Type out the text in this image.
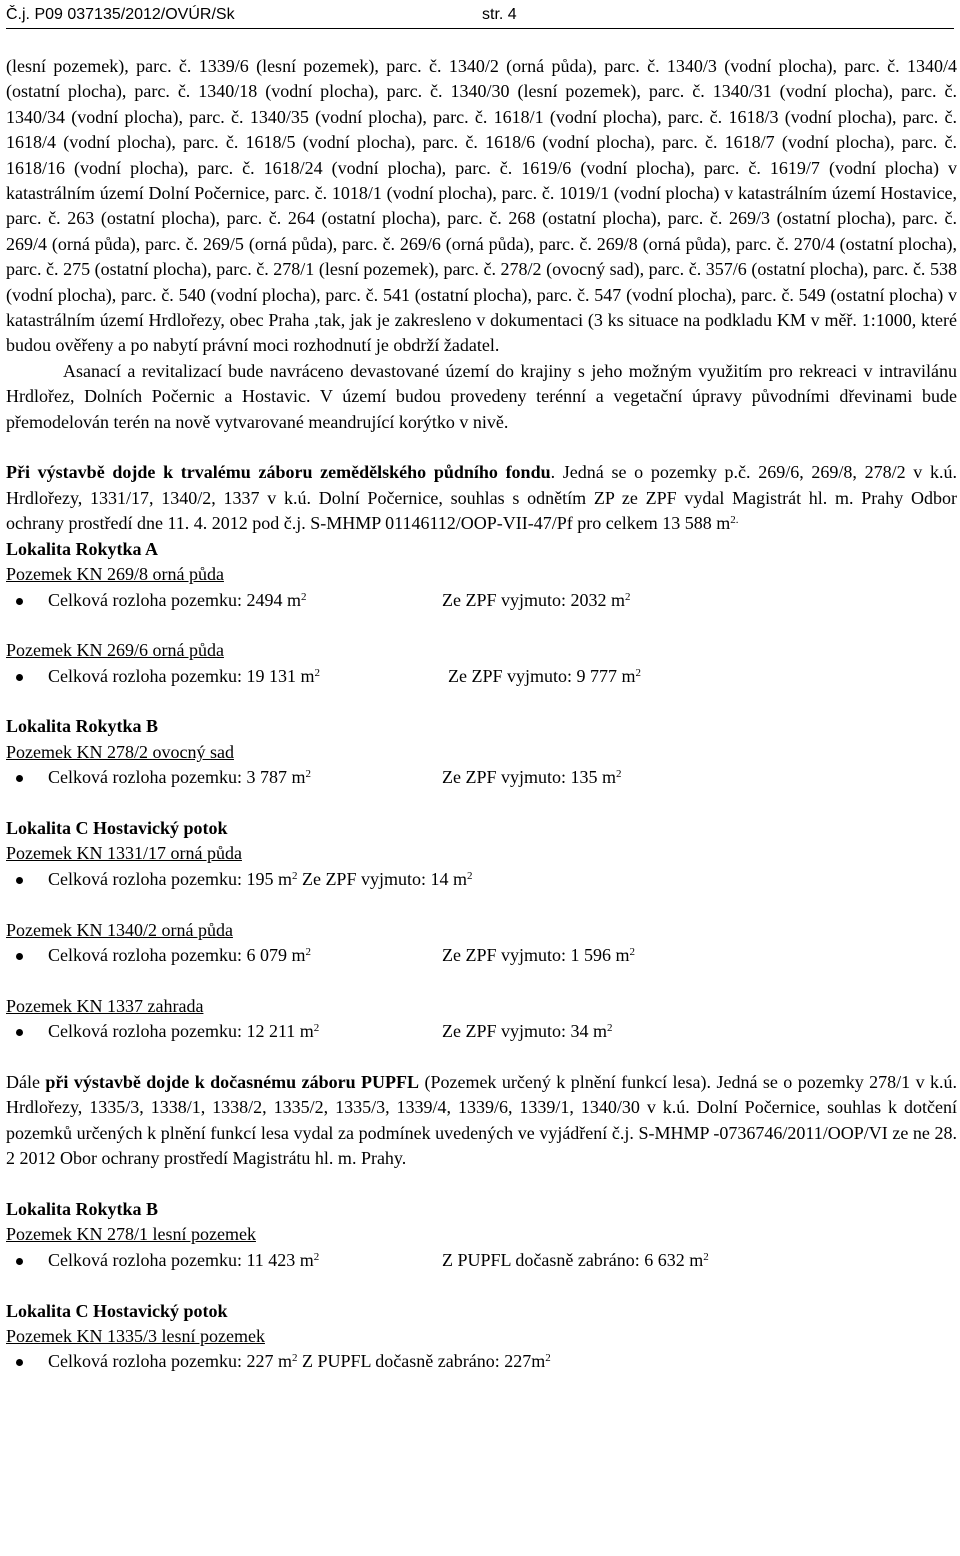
Č.j. P09 037135/2012/OVÚR/Sk	str. 4

(lesní pozemek), parc. č. 1339/6 (lesní pozemek), parc. č. 1340/2 (orná půda), parc. č. 1340/3 (vodní plocha), parc. č. 1340/4 (ostatní plocha), parc. č. 1340/18 (vodní plocha), parc. č. 1340/30 (lesní pozemek), parc. č. 1340/31 (vodní plocha), parc. č. 1340/34 (vodní plocha), parc. č. 1340/35 (vodní plocha), parc. č. 1618/1 (vodní plocha), parc. č. 1618/3 (vodní plocha), parc. č. 1618/4 (vodní plocha), parc. č. 1618/5 (vodní plocha), parc. č. 1618/6 (vodní plocha), parc. č. 1618/7 (vodní plocha), parc. č. 1618/16 (vodní plocha), parc. č. 1618/24 (vodní plocha), parc. č. 1619/6 (vodní plocha), parc. č. 1619/7 (vodní plocha) v katastrálním území Dolní Počernice, parc. č. 1018/1 (vodní plocha), parc. č. 1019/1 (vodní plocha) v katastrálním území Hostavice, parc. č. 263 (ostatní plocha), parc. č. 264 (ostatní plocha), parc. č. 268 (ostatní plocha), parc. č. 269/3 (ostatní plocha), parc. č. 269/4 (orná půda), parc. č. 269/5 (orná půda), parc. č. 269/6 (orná půda), parc. č. 269/8 (orná půda), parc. č. 270/4 (ostatní plocha), parc. č. 275 (ostatní plocha), parc. č. 278/1 (lesní pozemek), parc. č. 278/2 (ovocný sad), parc. č. 357/6 (ostatní plocha), parc. č. 538 (vodní plocha), parc. č. 540 (vodní plocha), parc. č. 541 (ostatní plocha), parc. č. 547 (vodní plocha), parc. č. 549 (ostatní plocha) v katastrálním území Hrdlořezy, obec Praha ,tak, jak je zakresleno v dokumentaci (3 ks situace na podkladu KM v měř. 1:1000, které budou ověřeny a po nabytí právní moci rozhodnutí je obdrží žadatel.

Asanací a revitalizací bude navráceno devastované území do krajiny s jeho možným využitím pro rekreaci v intravilánu Hrdlořez, Dolních Počernic a Hostavic. V území budou provedeny terénní a vegetační úpravy původními dřevinami bude přemodelován terén na nově vytvarované meandrující korýtko v nivě.

Při výstavbě dojde k trvalému záboru zemědělského půdního fondu. Jedná se o pozemky p.č. 269/6, 269/8, 278/2 v k.ú. Hrdlořezy, 1331/17, 1340/2, 1337 v k.ú. Dolní Počernice, souhlas s odnětím ZP ze ZPF vydal Magistrát hl. m. Prahy Odbor ochrany prostředí dne 11. 4. 2012 pod č.j. S-MHMP 01146112/OOP-VII-47/Pf pro celkem 13 588 $m^{2.}$

Lokalita Rokytka A
Pozemek KN 269/8 orná půda
Celková rozloha pozemku: 2494 $m^2$	Ze ZPF vyjmuto: 2032 $m^2$
Pozemek KN 269/6 orná půda
Celková rozloha pozemku: 19 131 $m^2$	Ze ZPF vyjmuto: 9 777 $m^2$
Lokalita Rokytka B
Pozemek KN 278/2 ovocný sad
Celková rozloha pozemku: 3 787 $m^2$	Ze ZPF vyjmuto: 135 $m^2$
Lokalita C Hostavický potok
Pozemek KN 1331/17 orná půda
Celková rozloha pozemku: 195 $m^2$ Ze ZPF vyjmuto: 14 $m^2$
Pozemek KN 1340/2 orná půda
Celková rozloha pozemku: 6 079 $m^2$	Ze ZPF vyjmuto: 1 596 $m^2$
Pozemek KN 1337 zahrada
Celková rozloha pozemku: 12 211 $m^2$	Ze ZPF vyjmuto: 34 $m^2$

Dále při výstavbě dojde k dočasnému záboru PUPFL (Pozemek určený k plnění funkcí lesa). Jedná se o pozemky 278/1 v k.ú. Hrdlořezy, 1335/3, 1338/1, 1338/2, 1335/2, 1335/3, 1339/4, 1339/6, 1339/1, 1340/30 v k.ú. Dolní Počernice, souhlas k dotčení pozemků určených k plnění funkcí lesa vydal za podmínek uvedených ve vyjádření č.j. S-MHMP -0736746/2011/OOP/VI ze ne 28. 2 2012 Obor ochrany prostředí Magistrátu hl. m. Prahy.

Lokalita Rokytka B
Pozemek KN 278/1 lesní pozemek
Celková rozloha pozemku: 11 423 $m^2$	Z PUPFL dočasně zabráno: 6 632 $m^2$
Lokalita C Hostavický potok
Pozemek KN 1335/3 lesní pozemek
Celková rozloha pozemku: 227 $m^2$ Z PUPFL dočasně zabráno: $227m^2$
